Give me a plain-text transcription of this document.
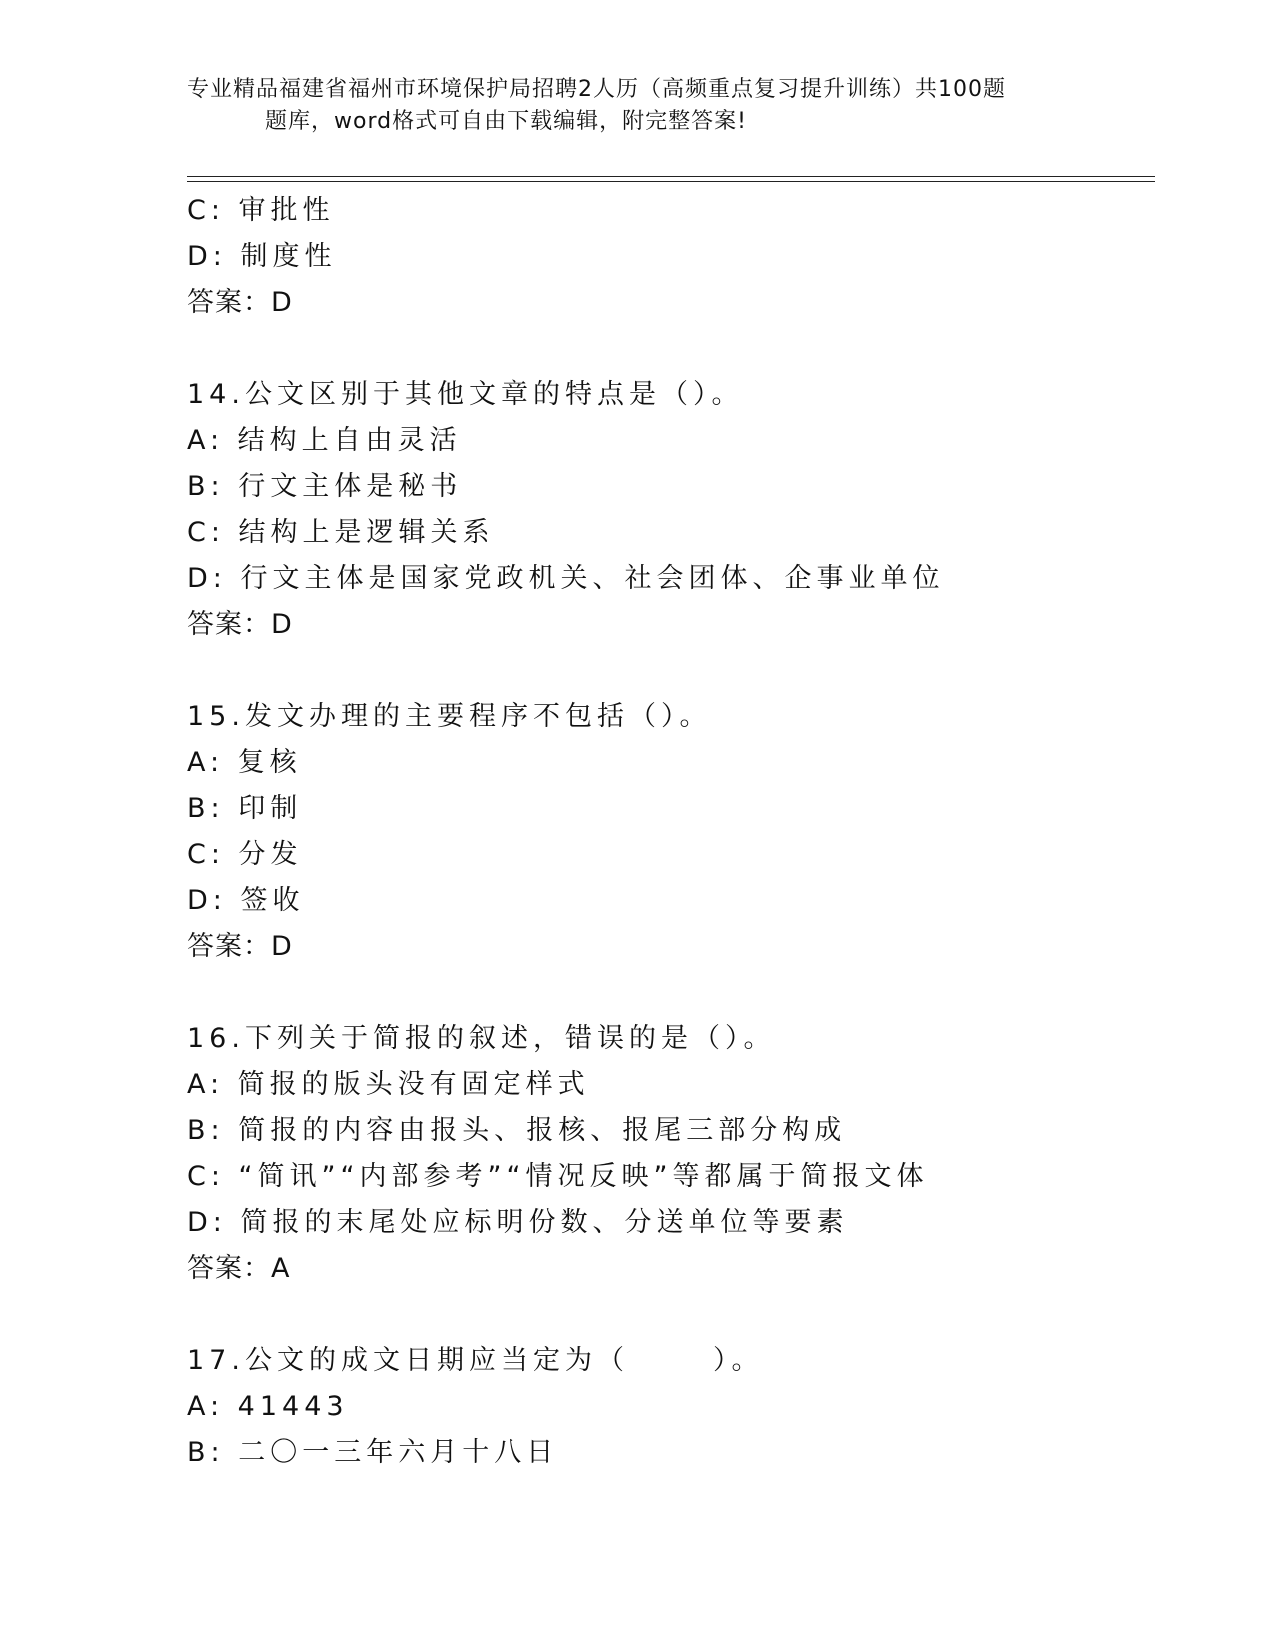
专业精品福建省福州市环境保护局招聘2人历（高频重点复习提升训练）共100题
题库，word格式可自由下载编辑，附完整答案!
C: 审批性
D: 制度性
答案：D
14.公文区别于其他文章的特点是（）。
A: 结构上自由灵活
B: 行文主体是秘书
C: 结构上是逻辑关系
D: 行文主体是国家党政机关、社会团体、企事业单位
答案：D
15.发文办理的主要程序不包括（）。
A: 复核
B: 印制
C: 分发
D: 签收
答案：D
16.下列关于简报的叙述，错误的是（）。
A: 简报的版头没有固定样式
B: 简报的内容由报头、报核、报尾三部分构成
C: “简讯”“内部参考”“情况反映”等都属于简报文体
D: 简报的末尾处应标明份数、分送单位等要素
答案：A
17.公文的成文日期应当定为（	）。
A: 41443
B: 二〇一三年六月十八日
